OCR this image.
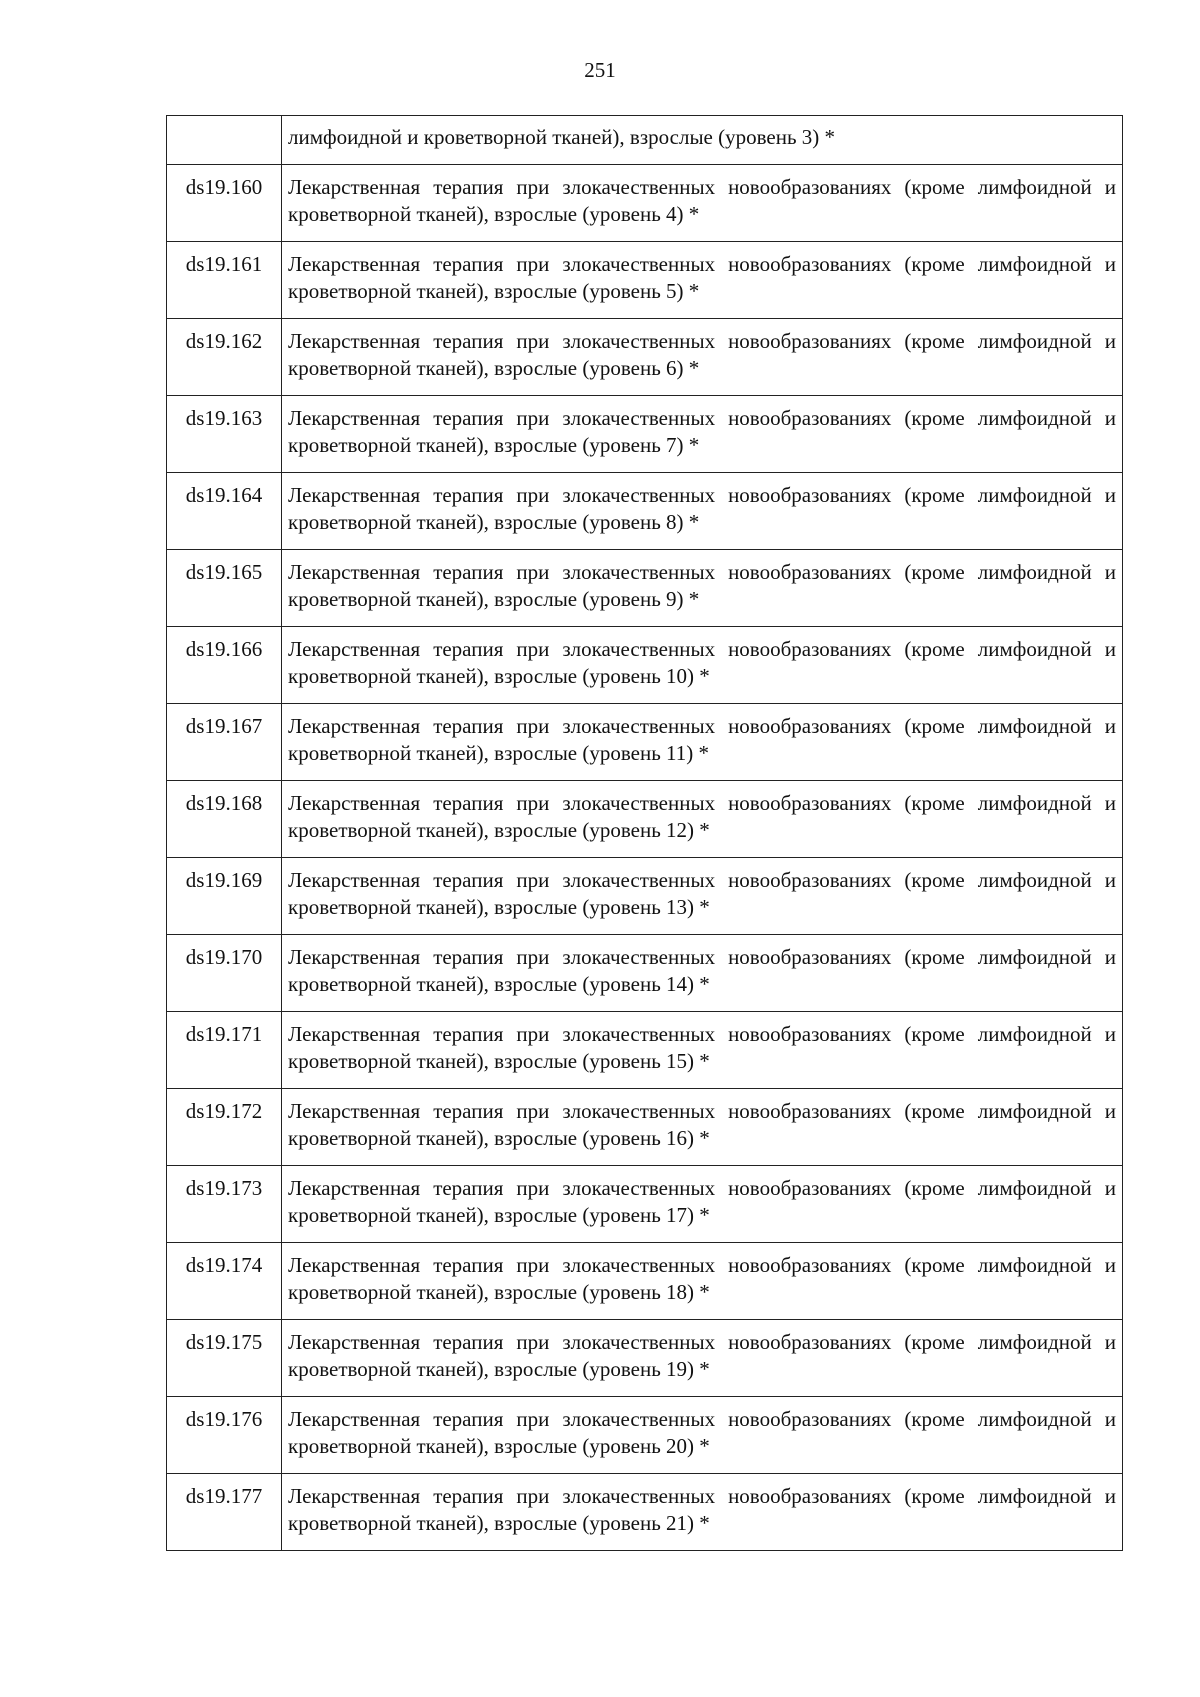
251

	лимфоидной и кроветворной тканей), взрослые (уровень 3) *

ds19.160	Лекарственная терапия при злокачественных новообразованиях (кроме лимфоидной и кроветворной тканей), взрослые (уровень 4) *

ds19.161	Лекарственная терапия при злокачественных новообразованиях (кроме лимфоидной и кроветворной тканей), взрослые (уровень 5) *

ds19.162	Лекарственная терапия при злокачественных новообразованиях (кроме лимфоидной и кроветворной тканей), взрослые (уровень 6) *

ds19.163	Лекарственная терапия при злокачественных новообразованиях (кроме лимфоидной и кроветворной тканей), взрослые (уровень 7) *

ds19.164	Лекарственная терапия при злокачественных новообразованиях (кроме лимфоидной и кроветворной тканей), взрослые (уровень 8) *

ds19.165	Лекарственная терапия при злокачественных новообразованиях (кроме лимфоидной и кроветворной тканей), взрослые (уровень 9) *

ds19.166	Лекарственная терапия при злокачественных новообразованиях (кроме лимфоидной и кроветворной тканей), взрослые (уровень 10) *

ds19.167	Лекарственная терапия при злокачественных новообразованиях (кроме лимфоидной и кроветворной тканей), взрослые (уровень 11) *

ds19.168	Лекарственная терапия при злокачественных новообразованиях (кроме лимфоидной и кроветворной тканей), взрослые (уровень 12) *

ds19.169	Лекарственная терапия при злокачественных новообразованиях (кроме лимфоидной и кроветворной тканей), взрослые (уровень 13) *

ds19.170	Лекарственная терапия при злокачественных новообразованиях (кроме лимфоидной и кроветворной тканей), взрослые (уровень 14) *

ds19.171	Лекарственная терапия при злокачественных новообразованиях (кроме лимфоидной и кроветворной тканей), взрослые (уровень 15) *

ds19.172	Лекарственная терапия при злокачественных новообразованиях (кроме лимфоидной и кроветворной тканей), взрослые (уровень 16) *

ds19.173	Лекарственная терапия при злокачественных новообразованиях (кроме лимфоидной и кроветворной тканей), взрослые (уровень 17) *

ds19.174	Лекарственная терапия при злокачественных новообразованиях (кроме лимфоидной и кроветворной тканей), взрослые (уровень 18) *

ds19.175	Лекарственная терапия при злокачественных новообразованиях (кроме лимфоидной и кроветворной тканей), взрослые (уровень 19) *

ds19.176	Лекарственная терапия при злокачественных новообразованиях (кроме лимфоидной и кроветворной тканей), взрослые (уровень 20) *

ds19.177	Лекарственная терапия при злокачественных новообразованиях (кроме лимфоидной и кроветворной тканей), взрослые (уровень 21) *
